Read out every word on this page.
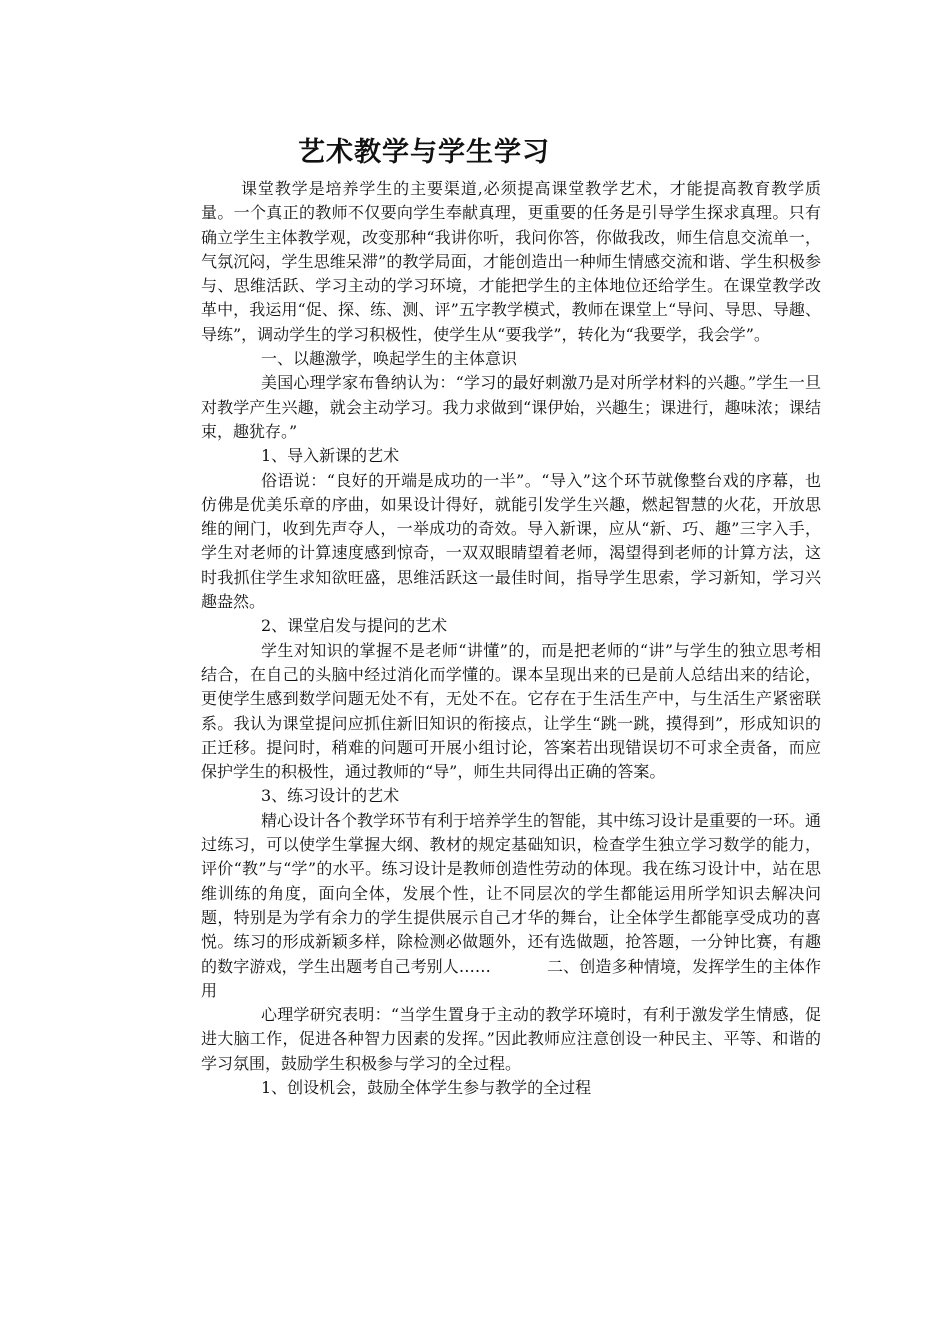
艺术教学与学生学习

课堂教学是培养学生的主要渠道,必须提高课堂教学艺术，才能提高教育教学质量。一个真正的教师不仅要向学生奉献真理，更重要的任务是引导学生探求真理。只有确立学生主体教学观，改变那种“我讲你听，我问你答，你做我改，师生信息交流单一，气氛沉闷，学生思维呆滞”的教学局面，才能创造出一种师生情感交流和谐、学生积极参与、思维活跃、学习主动的学习环境，才能把学生的主体地位还给学生。在课堂教学改革中，我运用“促、探、练、测、评”五字教学模式，教师在课堂上“导问、导思、导趣、导练”，调动学生的学习积极性，使学生从“要我学”，转化为“我要学，我会学”。

一、以趣激学，唤起学生的主体意识

美国心理学家布鲁纳认为：“学习的最好刺激乃是对所学材料的兴趣。”学生一旦对教学产生兴趣，就会主动学习。我力求做到“课伊始，兴趣生；课进行，趣味浓；课结束，趣犹存。”

1、导入新课的艺术

俗语说：“良好的开端是成功的一半”。“导入”这个环节就像整台戏的序幕，也仿佛是优美乐章的序曲，如果设计得好，就能引发学生兴趣，燃起智慧的火花，开放思维的闸门，收到先声夺人，一举成功的奇效。导入新课，应从“新、巧、趣”三字入手，学生对老师的计算速度感到惊奇，一双双眼睛望着老师，渴望得到老师的计算方法，这时我抓住学生求知欲旺盛，思维活跃这一最佳时间，指导学生思索，学习新知，学习兴趣盎然。

2、课堂启发与提问的艺术

学生对知识的掌握不是老师“讲懂”的，而是把老师的“讲”与学生的独立思考相结合，在自己的头脑中经过消化而学懂的。课本呈现出来的已是前人总结出来的结论，更使学生感到数学问题无处不有，无处不在。它存在于生活生产中，与生活生产紧密联系。我认为课堂提问应抓住新旧知识的衔接点，让学生“跳一跳，摸得到”，形成知识的正迁移。提问时，稍难的问题可开展小组讨论，答案若出现错误切不可求全责备，而应保护学生的积极性，通过教师的“导”，师生共同得出正确的答案。

3、练习设计的艺术

精心设计各个教学环节有利于培养学生的智能，其中练习设计是重要的一环。通过练习，可以使学生掌握大纲、教材的规定基础知识，检查学生独立学习数学的能力，评价“教”与“学”的水平。练习设计是教师创造性劳动的体现。我在练习设计中，站在思维训练的角度，面向全体，发展个性，让不同层次的学生都能运用所学知识去解决问题，特别是为学有余力的学生提供展示自己才华的舞台，让全体学生都能享受成功的喜悦。练习的形成新颖多样，除检测必做题外，还有选做题，抢答题，一分钟比赛，有趣的数字游戏，学生出题考自己考别人……	二、创造多种情境，发挥学生的主体作用

心理学研究表明：“当学生置身于主动的教学环境时，有利于激发学生情感，促进大脑工作，促进各种智力因素的发挥。”因此教师应注意创设一种民主、平等、和谐的学习氛围，鼓励学生积极参与学习的全过程。

1、创设机会，鼓励全体学生参与教学的全过程
